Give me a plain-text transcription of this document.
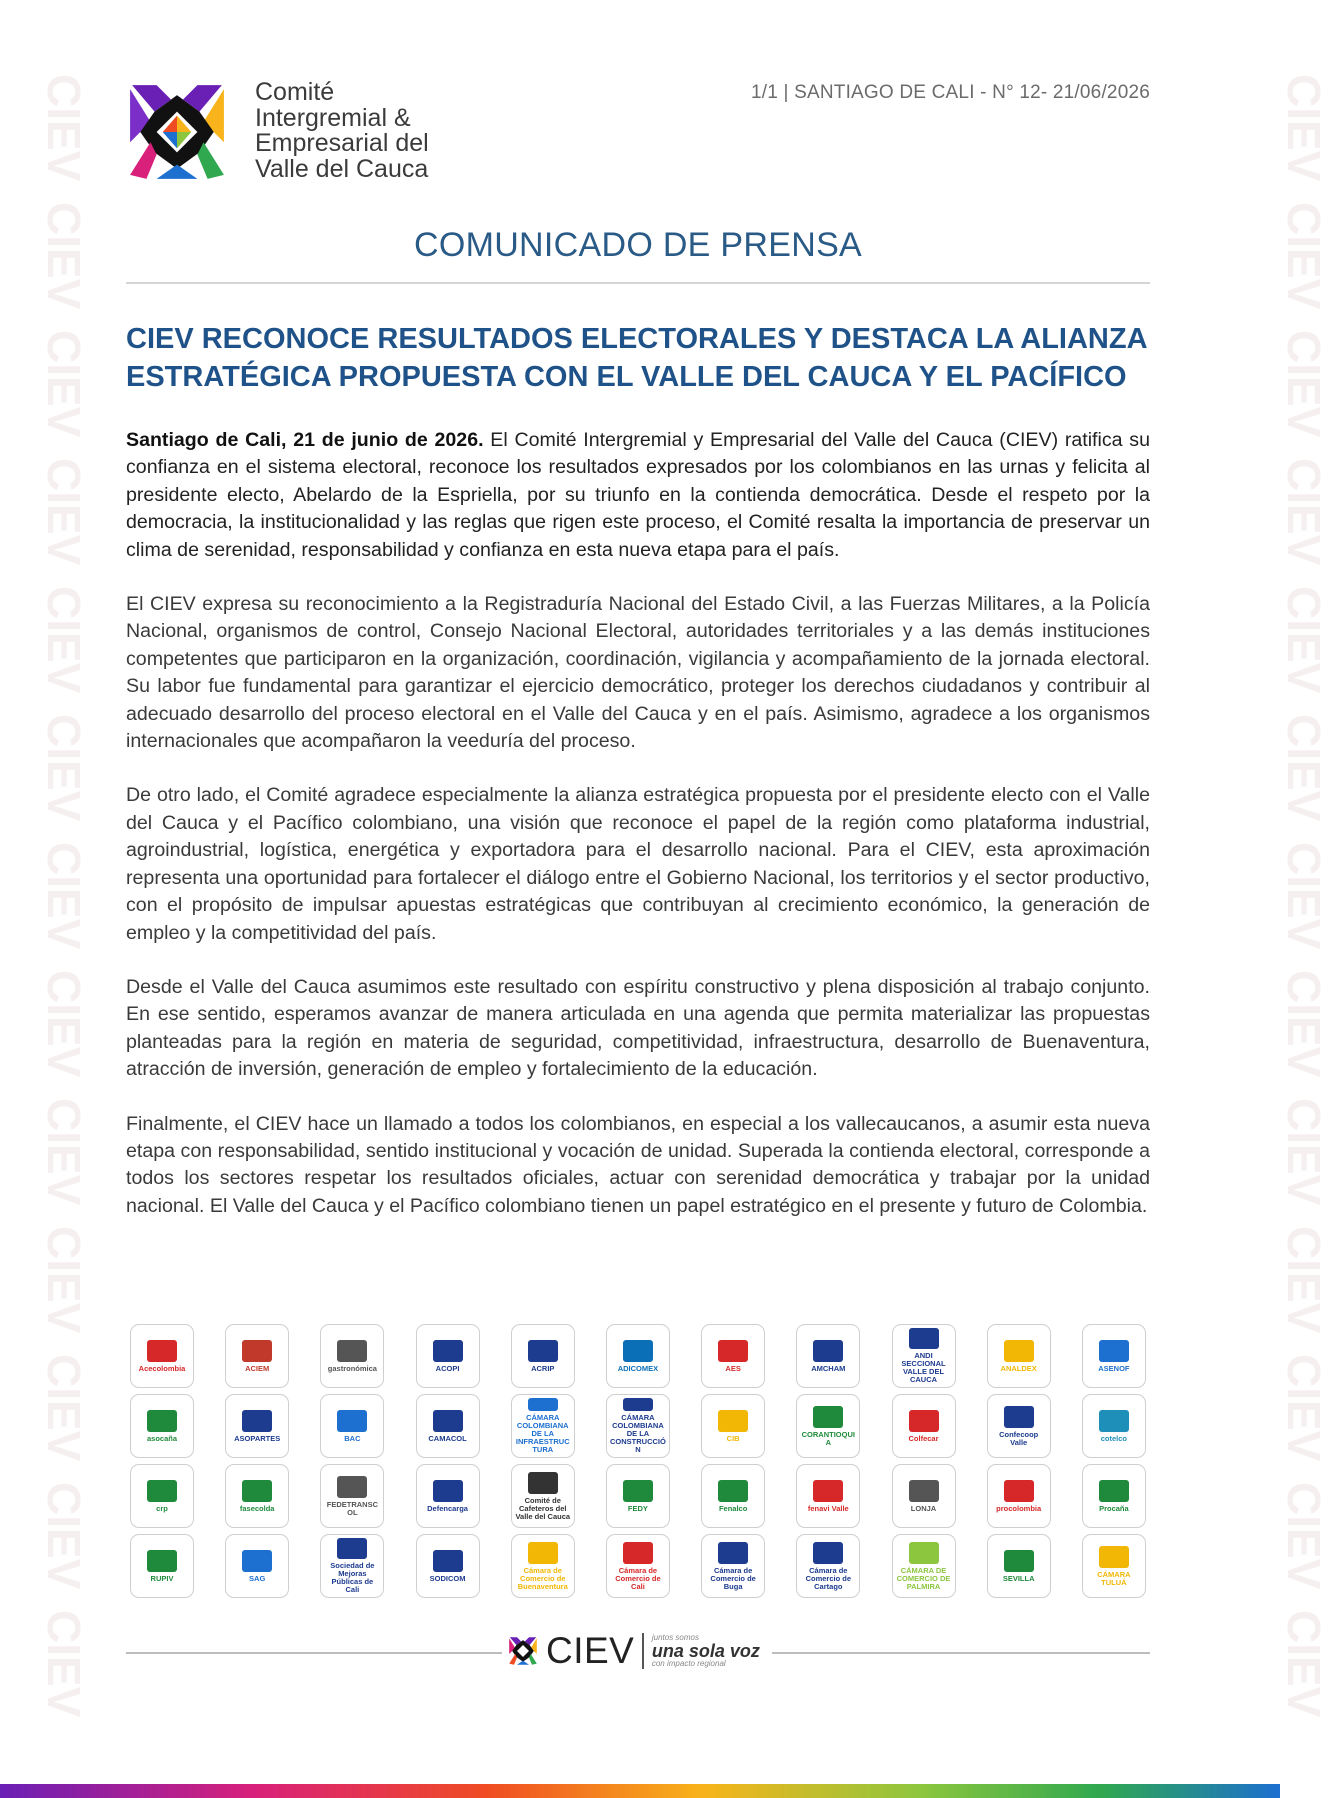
CIEV
CIEV
CIEV
CIEV
CIEV
CIEV
CIEV
CIEV
CIEV
CIEV
CIEV
CIEV
CIEV
CIEV
CIEV
CIEV
CIEV
CIEV
CIEV
CIEV
CIEV
CIEV
CIEV
CIEV
CIEV
CIEV
Comité
Intergremial &
Empresarial del
Valle del Cauca
1/1 | SANTIAGO DE CALI - N° 12- 21/06/2026
COMUNICADO DE PRENSA
CIEV RECONOCE RESULTADOS ELECTORALES Y DESTACA LA ALIANZA
ESTRATÉGICA PROPUESTA CON EL VALLE DEL CAUCA Y EL PACÍFICO

Santiago de Cali, 21 de junio de 2026. El Comité Intergremial y Empresarial del Valle del Cauca (CIEV) ratifica su confianza en el sistema electoral, reconoce los resultados expresados por los colombianos en las urnas y felicita al presidente electo, Abelardo de la Espriella, por su triunfo en la contienda democrática. Desde el respeto por la democracia, la institucionalidad y las reglas que rigen este proceso, el Comité resalta la importancia de preservar un clima de serenidad, responsabilidad y confianza en esta nueva etapa para el país.

El CIEV expresa su reconocimiento a la Registraduría Nacional del Estado Civil, a las Fuerzas Militares, a la Policía Nacional, organismos de control, Consejo Nacional Electoral, autoridades territoriales y a las demás instituciones competentes que participaron en la organización, coordinación, vigilancia y acompañamiento de la jornada electoral. Su labor fue fundamental para garantizar el ejercicio democrático, proteger los derechos ciudadanos y contribuir al adecuado desarrollo del proceso electoral en el Valle del Cauca y en el país. Asimismo, agradece a los organismos internacionales que acompañaron la veeduría del proceso.

De otro lado, el Comité agradece especialmente la alianza estratégica propuesta por el presidente electo con el Valle del Cauca y el Pacífico colombiano, una visión que reconoce el papel de la región como plataforma industrial, agroindustrial, logística, energética y exportadora para el desarrollo nacional. Para el CIEV, esta aproximación representa una oportunidad para fortalecer el diálogo entre el Gobierno Nacional, los territorios y el sector productivo, con el propósito de impulsar apuestas estratégicas que contribuyan al crecimiento económico, la generación de empleo y la competitividad del país.

Desde el Valle del Cauca asumimos este resultado con espíritu constructivo y plena disposición al trabajo conjunto. En ese sentido, esperamos avanzar de manera articulada en una agenda que permita materializar las propuestas planteadas para la región en materia de seguridad, competitividad, infraestructura, desarrollo de Buenaventura, atracción de inversión, generación de empleo y fortalecimiento de la educación.

Finalmente, el CIEV hace un llamado a todos los colombianos, en especial a los vallecaucanos, a asumir esta nueva etapa con responsabilidad, sentido institucional y vocación de unidad. Superada la contienda electoral, corresponde a todos los sectores respetar los resultados oficiales, actuar con serenidad democrática y trabajar por la unidad nacional. El Valle del Cauca y el Pacífico colombiano tienen un papel estratégico en el presente y futuro de Colombia.

Acecolombia	ACIEM	gastronómica	ACOPI	ACRIP	ADICOMEX	AES	AMCHAM
ANDI SECCIONAL VALLE DEL CAUCA
ANALDEX	ASENOF
asocaña	ASOPARTES	BAC	CAMACOL
CÁMARA COLOMBIANA DE LA INFRAESTRUCTURA
CÁMARA COLOMBIANA DE LA CONSTRUCCIÓN
CIB	CORANTIOQUIA	Colfecar	Confecoop Valle	cotelco
crp	fasecolda	FEDETRANSCOL	Defencarga
Comité de Cafeteros del Valle del Cauca
FEDY	Fenalco	fenavi Valle	LONJA	procolombia	Procaña
RUPIV	SAG
Sociedad de Mejoras Públicas de Cali
SODICOM
Cámara de Comercio de Buenaventura
Cámara de Comercio de Cali
Cámara de Comercio de Buga
Cámara de Comercio de Cartago
CÁMARA DE COMERCIO DE PALMIRA
SEVILLA	CÁMARA TULUÁ
CIEV juntos somos
una sola voz
con impacto regional
